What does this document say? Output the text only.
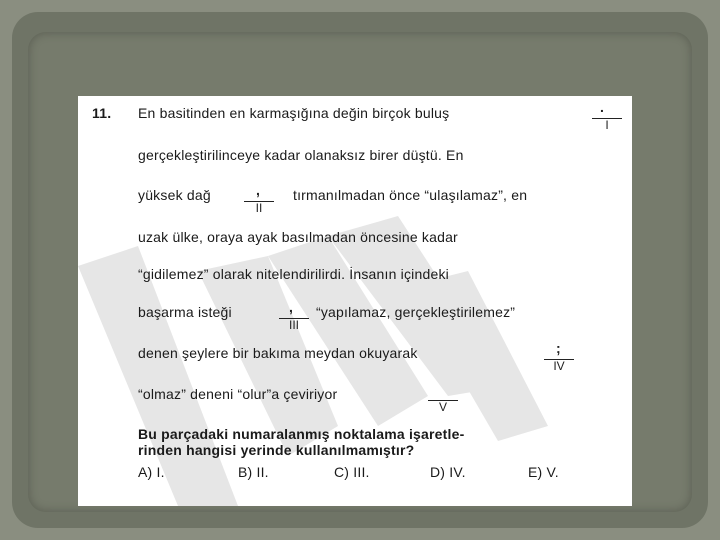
11. En basitinden en karmaşığına değin birçok buluş	.
I
gerçekleştirilinceye kadar olanaksız birer düştü. En
yüksek dağ	,
II
tırmanılmadan önce “ulaşılamaz”, en
uzak ülke, oraya ayak basılmadan öncesine kadar
“gidilemez” olarak nitelendirilirdi. İnsanın içindeki
başarma isteği	,
III
“yapılamaz, gerçekleştirilemez”
denen şeylere bir bakıma meydan okuyarak	;
IV
“olmaz” deneni “olur”a çeviriyor
V
Bu parçadaki numaralanmış noktalama işaretle-
rinden hangisi yerinde kullanılmamıştır?
A) I.	B) II.	C) III.	D) IV.	E) V.
